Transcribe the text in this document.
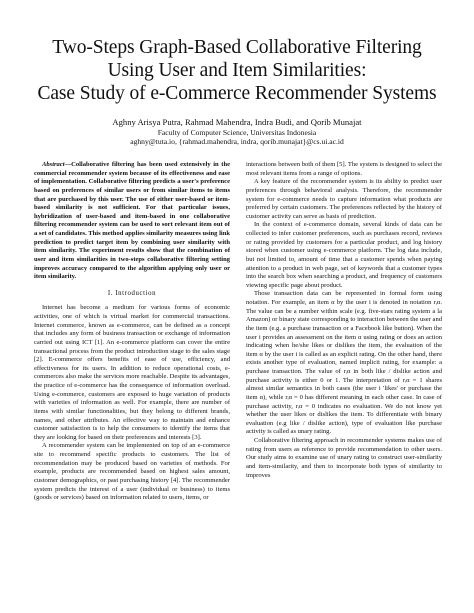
Two-Steps Graph-Based Collaborative Filtering
Using User and Item Similarities:
Case Study of e-Commerce Recommender Systems
Aghny Arisya Putra, Rahmad Mahendra, Indra Budi, and Qorib Munajat
Faculty of Computer Science, Universitas Indonesia
aghny@tuta.io, {rahmad.mahendra, indra, qorib.munajat}@cs.ui.ac.id

Abstract—Collaborative filtering has been used extensively in the commercial recommender system because of its effectiveness and ease of implementation. Collaborative filtering predicts a user's preference based on preferences of similar users or from similar items to items that are purchased by this user. The use of either user-based or item-based similarity is not sufficient. For that particular issues, hybridization of user-based and item-based in one collaborative filtering recommender system can be used to sort relevant item out of a set of candidates. This method applies similarity measures using link prediction to predict target item by combining user similarity with item similarity. The experiment results show that the combination of user and item similarities in two-steps collaborative filtering setting improves accuracy compared to the algorithm applying only user or item similarity.

I. Introduction

Internet has become a medium for various forms of economic activities, one of which is virtual market for commercial transactions. Internet commerce, known as e-commerce, can be defined as a concept that includes any form of business transaction or exchange of information carried out using ICT [1]. An e-commerce platform can cover the entire transactional process from the product introduction stage to the sales stage [2]. E-commerce offers benefits of ease of use, efficiency, and effectiveness for its users. In addition to reduce operational costs, e-commerces also make the services more reachable. Despite its advantages, the practice of e-commerce has the consequence of information overload. Using e-commerce, customers are exposed to huge variation of products with varieties of information as well. For example, there are number of items with similar functionalities, but they belong to different brands, names, and other attributes. An effective way to maintain and enhance customer satisfaction is to help the consumers to identify the items that they are looking for based on their preferences and interests [3].

A recommender system can be implemented on top of an e-commerce site to recommend specific products to customers. The list of recommendation may be produced based on varieties of methods. For example, products are recommended based on highest sales amount, customer demographics, or past purchasing history [4]. The recommender system predicts the interest of a user (individual or business) to items (goods or services) based on information related to users, items, or

interactions between both of them [5]. The system is designed to select the most relevant items from a range of options.

A key feature of the recommender system is its ability to predict user preferences through behavioral analysis. Therefore, the recommender system for e-commerce needs to capture information what products are preferred by certain customers. The preferences reflected by the history of customer activity can serve as basis of prediction.

In the context of e-commerce domain, several kinds of data can be collected to infer customer preferences, such as purchases record, reviews or rating provided by customers for a particular product, and log history stored when customer using e-commerce platform. The log data include, but not limited to, amount of time that a customer spends when paying attention to a product in web page, set of keywords that a customer types into the search box when searching a product, and frequency of customers viewing specific page about product.

Those transaction data can be represented in formal form using notation. For example, an item α by the user i is denoted in notation rᵢα. The value can be a number within scale (e.g. five-stars rating system a la Amazon) or binary state corresponding to interaction between the user and the item (e.g. a purchase transaction or a Facebook like button). When the user i provides an assessment on the item α using rating or does an action indicating when he/she likes or dislikes the item, the evaluation of the item α by the user i is called as an explicit rating. On the other hand, there exists another type of evaluation, named implicit rating, for example: a purchase transaction. The value of rᵢα in both like / dislike action and purchase activity is either 0 or 1. The interpretation of rᵢα = 1 shares almost similar semantics in both cases (the user i 'likes' or purchase the item α), while rᵢα = 0 has different meaning in each other case. In case of purchase activity, rᵢα = 0 indicates no evaluation. We do not know yet whether the user likes or dislikes the item. To differentiate with binary evaluation (e.g like / dislike action), type of evaluation like purchase activity is called as unary rating.

Collaborative filtering approach in recommender systems makes use of rating from users as reference to provide recommendation to other users. Our study aims to examine use of unary rating to construct user-similarity and item-similarity, and then to incorporate both types of similarity to improves
